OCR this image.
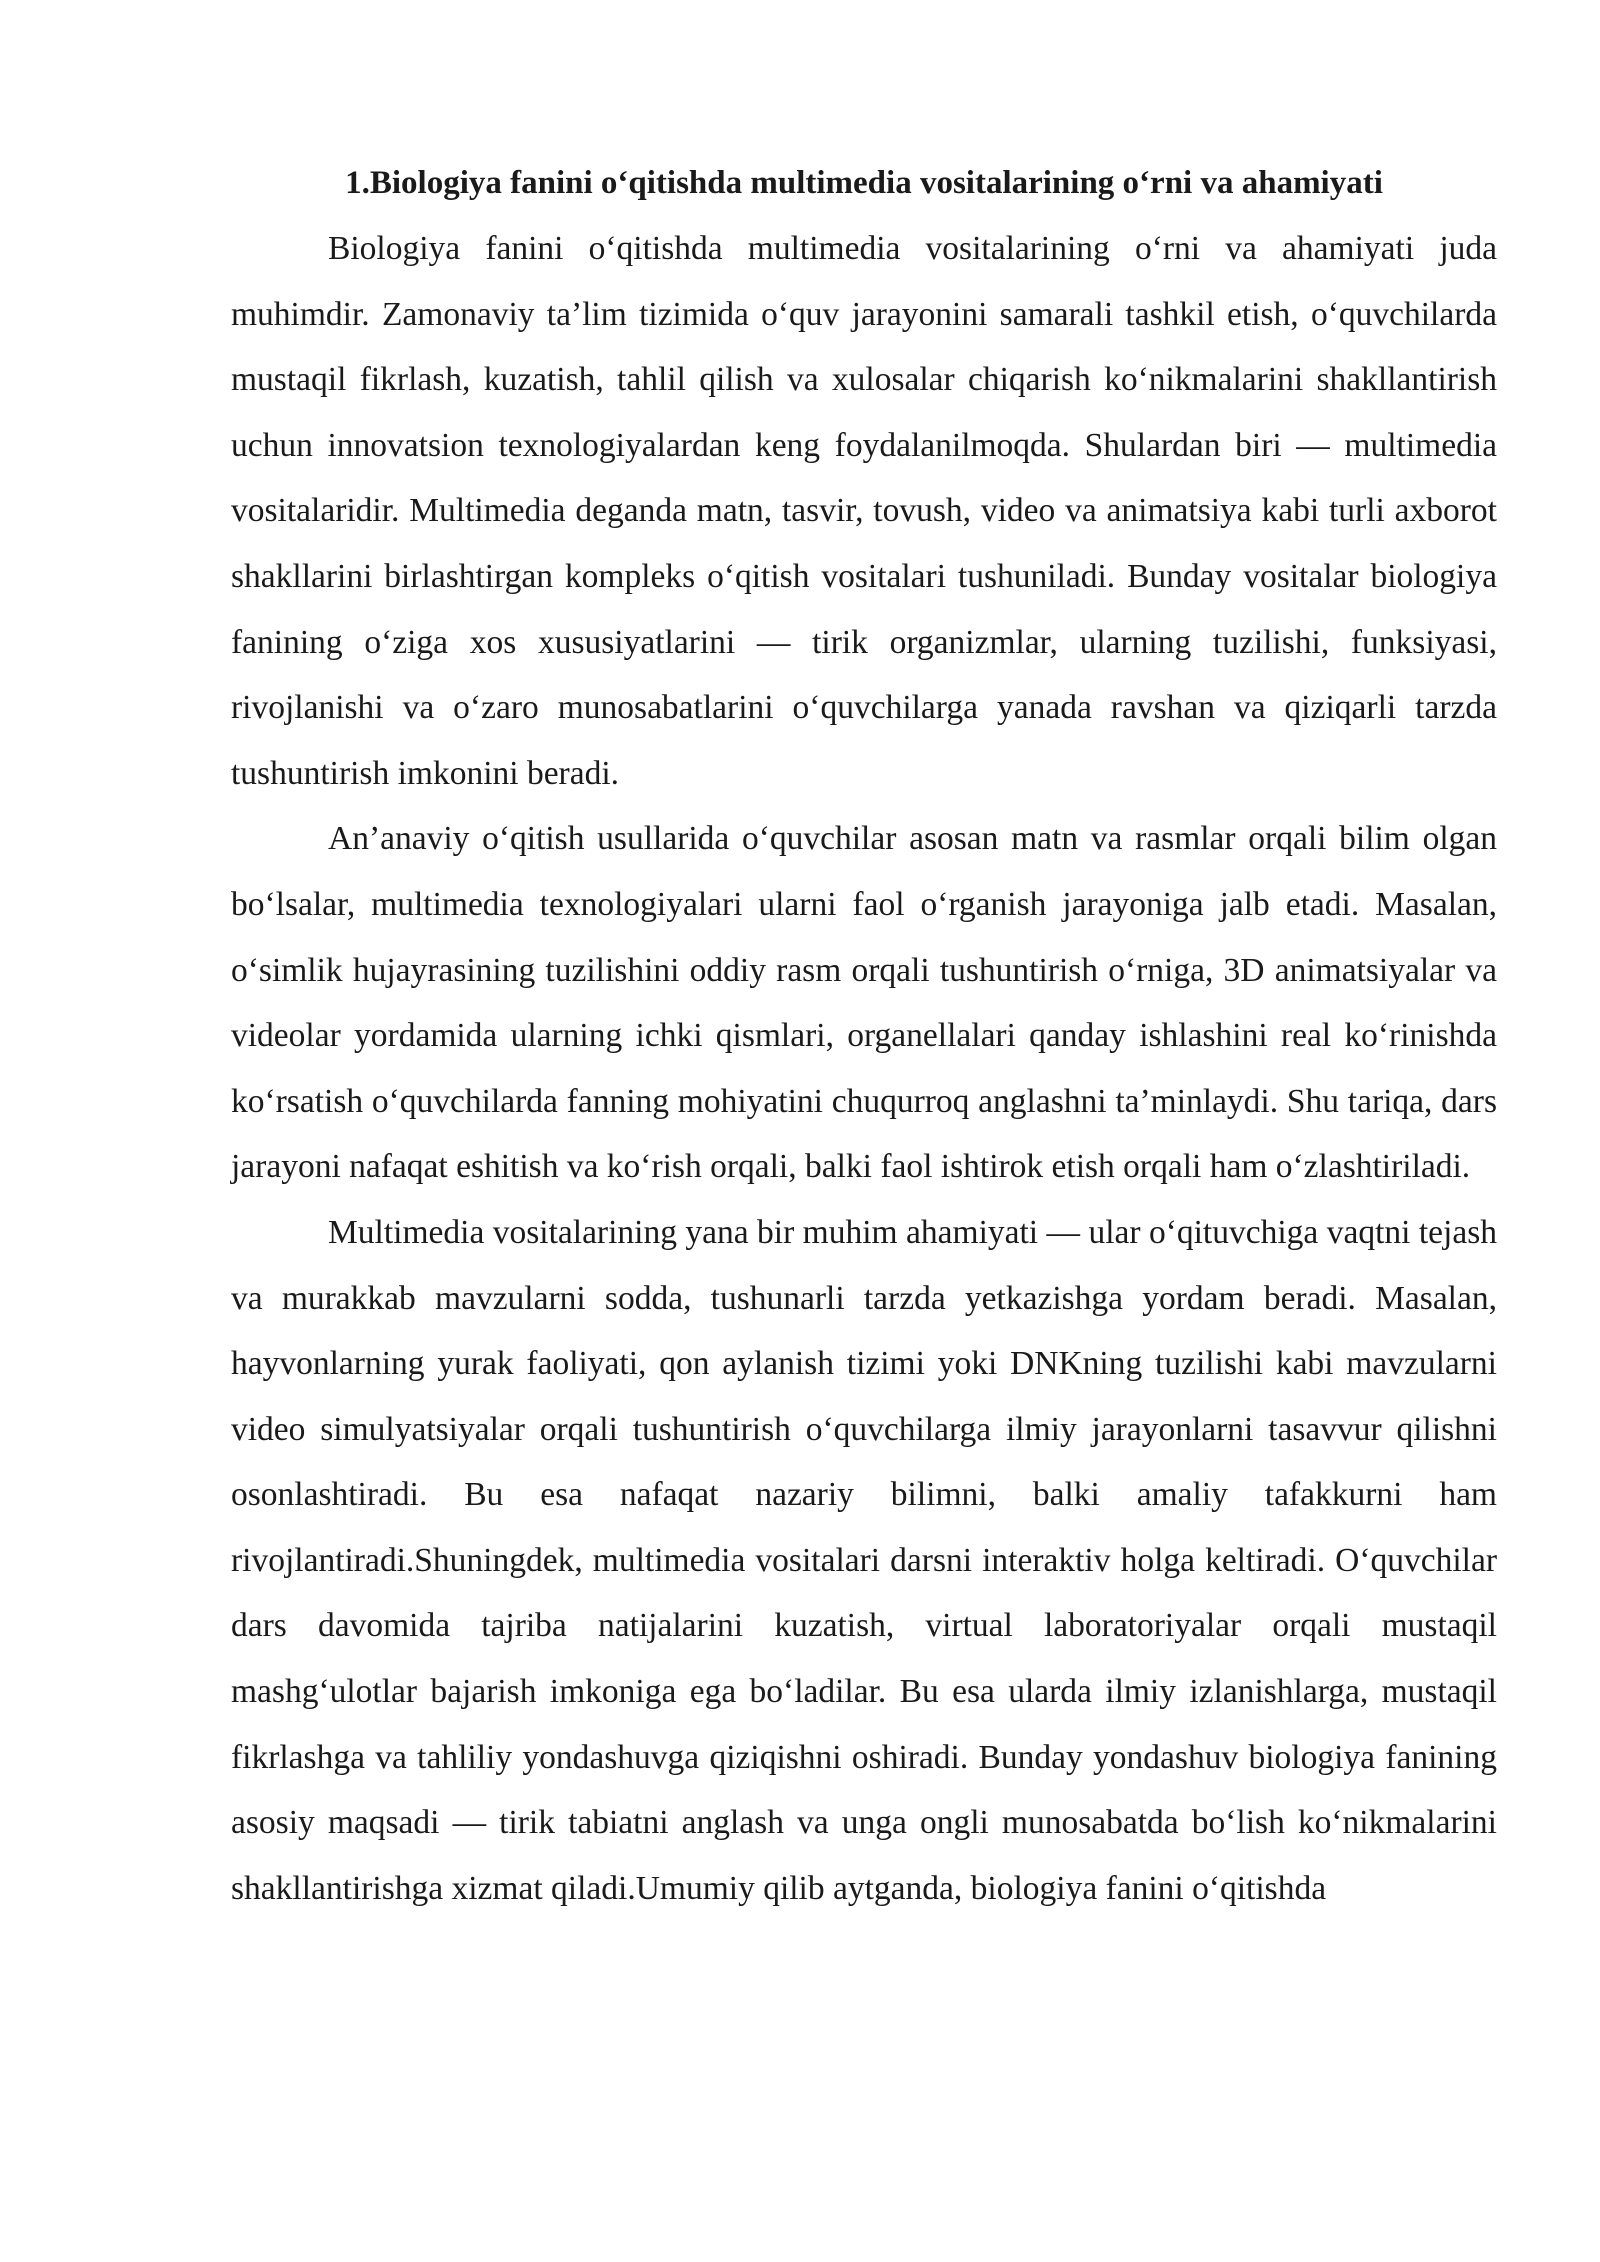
1.Biologiya fanini o‘qitishda multimedia vositalarining o‘rni va ahamiyati

Biologiya fanini o‘qitishda multimedia vositalarining o‘rni va ahamiyati juda muhimdir. Zamonaviy ta’lim tizimida o‘quv jarayonini samarali tashkil etish, o‘quvchilarda mustaqil fikrlash, kuzatish, tahlil qilish va xulosalar chiqarish ko‘nikmalarini shakllantirish uchun innovatsion texnologiyalardan keng foydalanilmoqda. Shulardan biri — multimedia vositalaridir. Multimedia deganda matn, tasvir, tovush, video va animatsiya kabi turli axborot shakllarini birlashtirgan kompleks o‘qitish vositalari tushuniladi. Bunday vositalar biologiya fanining o‘ziga xos xususiyatlarini — tirik organizmlar, ularning tuzilishi, funksiyasi, rivojlanishi va o‘zaro munosabatlarini o‘quvchilarga yanada ravshan va qiziqarli tarzda tushuntirish imkonini beradi.

An’anaviy o‘qitish usullarida o‘quvchilar asosan matn va rasmlar orqali bilim olgan bo‘lsalar, multimedia texnologiyalari ularni faol o‘rganish jarayoniga jalb etadi. Masalan, o‘simlik hujayrasining tuzilishini oddiy rasm orqali tushuntirish o‘rniga, 3D animatsiyalar va videolar yordamida ularning ichki qismlari, organellalari qanday ishlashini real ko‘rinishda ko‘rsatish o‘quvchilarda fanning mohiyatini chuqurroq anglashni ta’minlaydi. Shu tariqa, dars jarayoni nafaqat eshitish va ko‘rish orqali, balki faol ishtirok etish orqali ham o‘zlashtiriladi.

Multimedia vositalarining yana bir muhim ahamiyati — ular o‘qituvchiga vaqtni tejash va murakkab mavzularni sodda, tushunarli tarzda yetkazishga yordam beradi. Masalan, hayvonlarning yurak faoliyati, qon aylanish tizimi yoki DNKning tuzilishi kabi mavzularni video simulyatsiyalar orqali tushuntirish o‘quvchilarga ilmiy jarayonlarni tasavvur qilishni osonlashtiradi. Bu esa nafaqat nazariy bilimni, balki amaliy tafakkurni ham rivojlantiradi.Shuningdek, multimedia vositalari darsni interaktiv holga keltiradi. O‘quvchilar dars davomida tajriba natijalarini kuzatish, virtual laboratoriyalar orqali mustaqil mashg‘ulotlar bajarish imkoniga ega bo‘ladilar. Bu esa ularda ilmiy izlanishlarga, mustaqil fikrlashga va tahliliy yondashuvga qiziqishni oshiradi. Bunday yondashuv biologiya fanining asosiy maqsadi — tirik tabiatni anglash va unga ongli munosabatda bo‘lish ko‘nikmalarini shakllantirishga xizmat qiladi.Umumiy qilib aytganda, biologiya fanini o‘qitishda
